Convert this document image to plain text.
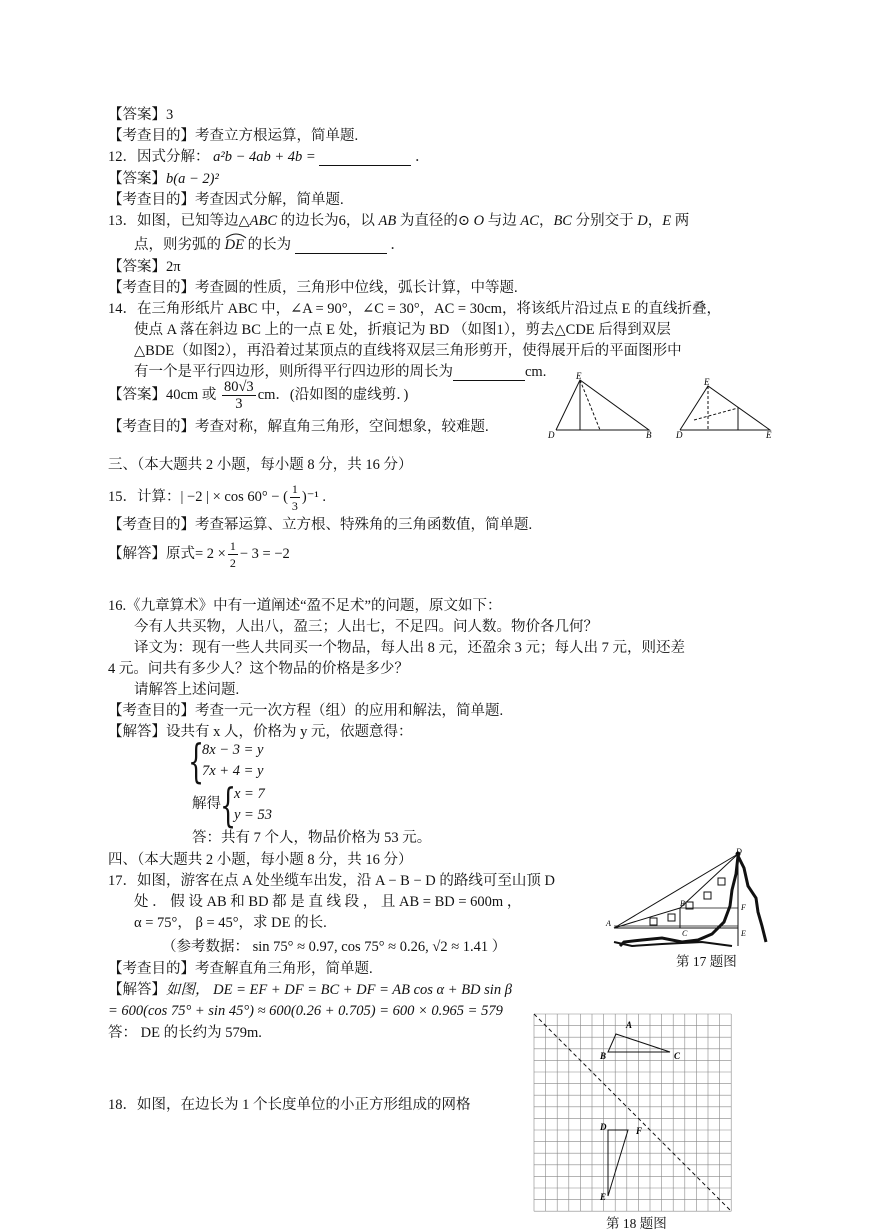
【答案】3
【考查目的】考查立方根运算，简单题.
12．因式分解： a²b − 4ab + 4b =	．
【答案】b(a − 2)²
【考查目的】考查因式分解，简单题.
13．如图，已知等边△ABC 的边长为6，以 AB 为直径的⊙ O 与边 AC，BC 分别交于 D，E 两
点，则劣弧的 DE
的长为	．
【答案】2π
【考查目的】考查圆的性质，三角形中位线，弧长计算，中等题.
14．在三角形纸片 ABC 中，∠A = 90°，∠C = 30°，AC = 30cm，将该纸片沿过点 E 的直线折叠，
使点 A 落在斜边 BC 上的一点 E 处，折痕记为 BD （如图1），剪去△CDE 后得到双层
△BDE（如图2），再沿着过某顶点的直线将双层三角形剪开，使得展开后的平面图形中
有一个是平行四边形，则所得平行四边形的周长为	cm.
【答案】40cm 或 $\frac{80√3}{3}$ cm．(沿如图的虚线剪．)
【考查目的】考查对称，解直角三角形，空间想象，较难题.
E
D	B
E
D	E
三、（本大题共 2 小题，每小题 8 分，共 16 分）
15．计算：| −2 | × cos 60° − ( $\frac{1}{3} )^{-1}$ .
【考查目的】考查幂运算、立方根、特殊角的三角函数值，简单题.
【解答】原式= $2 \times \frac{1}{2} - 3 = -2$
16.《九章算术》中有一道阐述“盈不足术”的问题，原文如下：
今有人共买物，人出八，盈三；人出七，不足四。问人数。物价各几何？
译文为：现有一些人共同买一个物品，每人出 8 元，还盈余 3 元；每人出 7 元，则还差
4 元。问共有多少人？这个物品的价格是多少？
请解答上述问题.
【考查目的】考查一元一次方程（组）的应用和解法，简单题.
【解答】设共有 x 人，价格为 y 元，依题意得：
{
8x − 3 = y
7x + 4 = y
解得 {
x = 7
y = 53
答：共有 7 个人，物品价格为 53 元。
四、（本大题共 2 小题，每小题 8 分，共 16 分）
17．如图，游客在点 A 处坐缆车出发，沿 A − B − D 的路线可至山顶 D
处 ． 假 设 AB 和 BD 都 是 直 线 段 ， 且 AB = BD = 600m ，
α = 75°， β = 45°，求 DE 的长.
（参考数据： sin 75° ≈ 0.97, cos 75° ≈ 0.26, √2 ≈ 1.41 ）
【考查目的】考查解直角三角形，简单题.
【解答】如图， DE = EF + DF = BC + DF = AB cos α + BD sin β
= 600(cos 75° + sin 45°) ≈ 600(0.26 + 0.705) = 600 × 0.965 = 579
答： DE 的长约为 579m.
D
B	F
A
C	E
第 17 题图
18．如图，在边长为 1 个长度单位的小正方形组成的网格
A
B	C
D	F
E
第 18 题图
